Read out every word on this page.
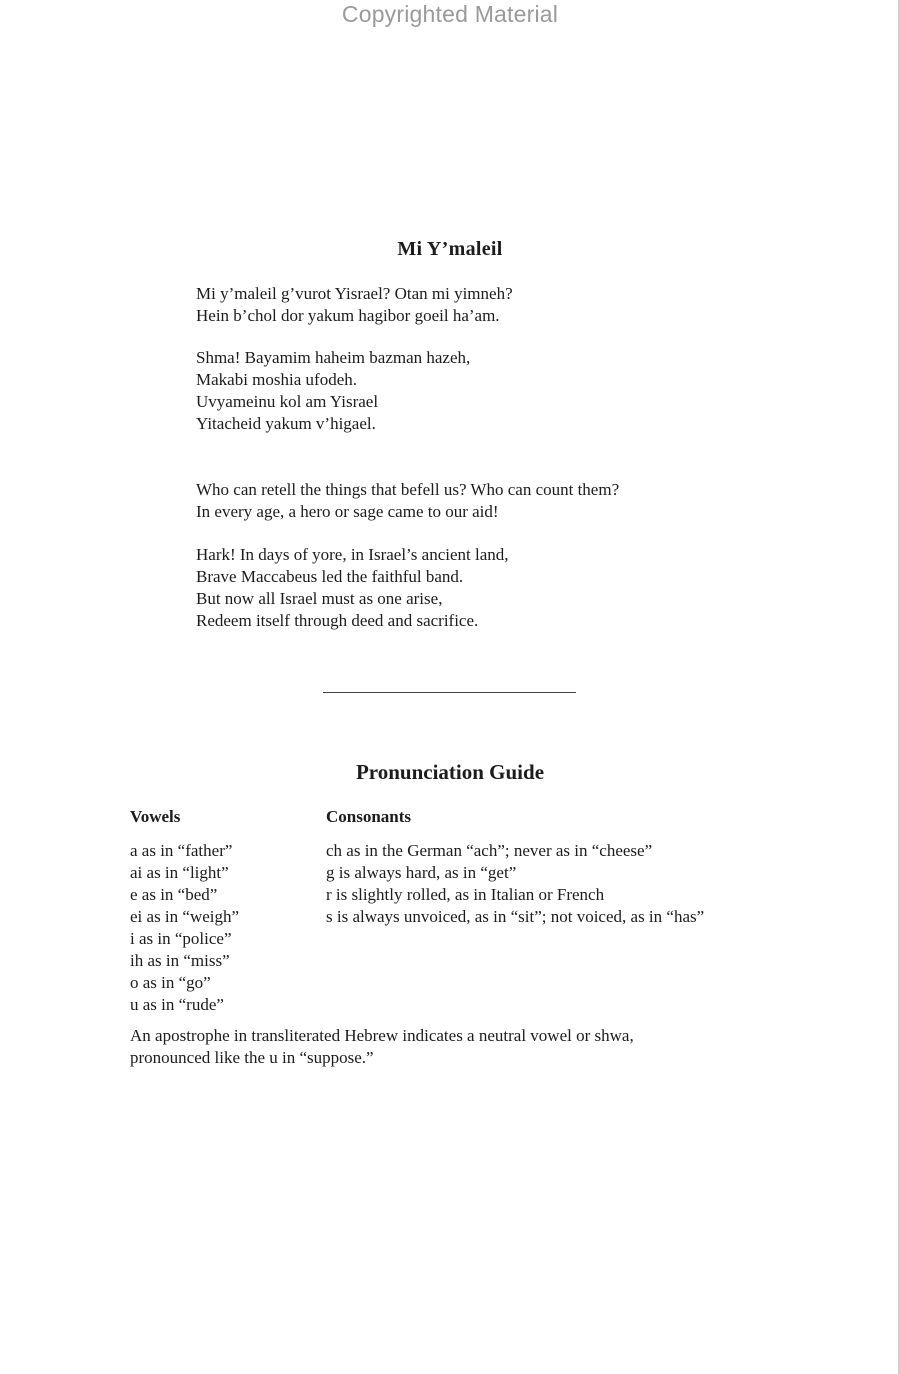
Copyrighted Material
Mi Y’maleil
Mi y’maleil g’vurot Yisrael? Otan mi yimneh?
Hein b’chol dor yakum hagibor goeil ha’am.
Shma! Bayamim haheim bazman hazeh,
Makabi moshia ufodeh.
Uvyameinu kol am Yisrael
Yitacheid yakum v’higael.
Who can retell the things that befell us? Who can count them?
In every age, a hero or sage came to our aid!
Hark! In days of yore, in Israel’s ancient land,
Brave Maccabeus led the faithful band.
But now all Israel must as one arise,
Redeem itself through deed and sacrifice.
Pronunciation Guide
Vowels	Consonants
a as in “father”
ai as in “light”
e as in “bed”
ei as in “weigh”
i as in “police”
ih as in “miss”
o as in “go”
u as in “rude”
ch as in the German “ach”; never as in “cheese”
g is always hard, as in “get”
r is slightly rolled, as in Italian or French
s is always unvoiced, as in “sit”; not voiced, as in “has”
An apostrophe in transliterated Hebrew indicates a neutral vowel or shwa,
pronounced like the u in “suppose.”
